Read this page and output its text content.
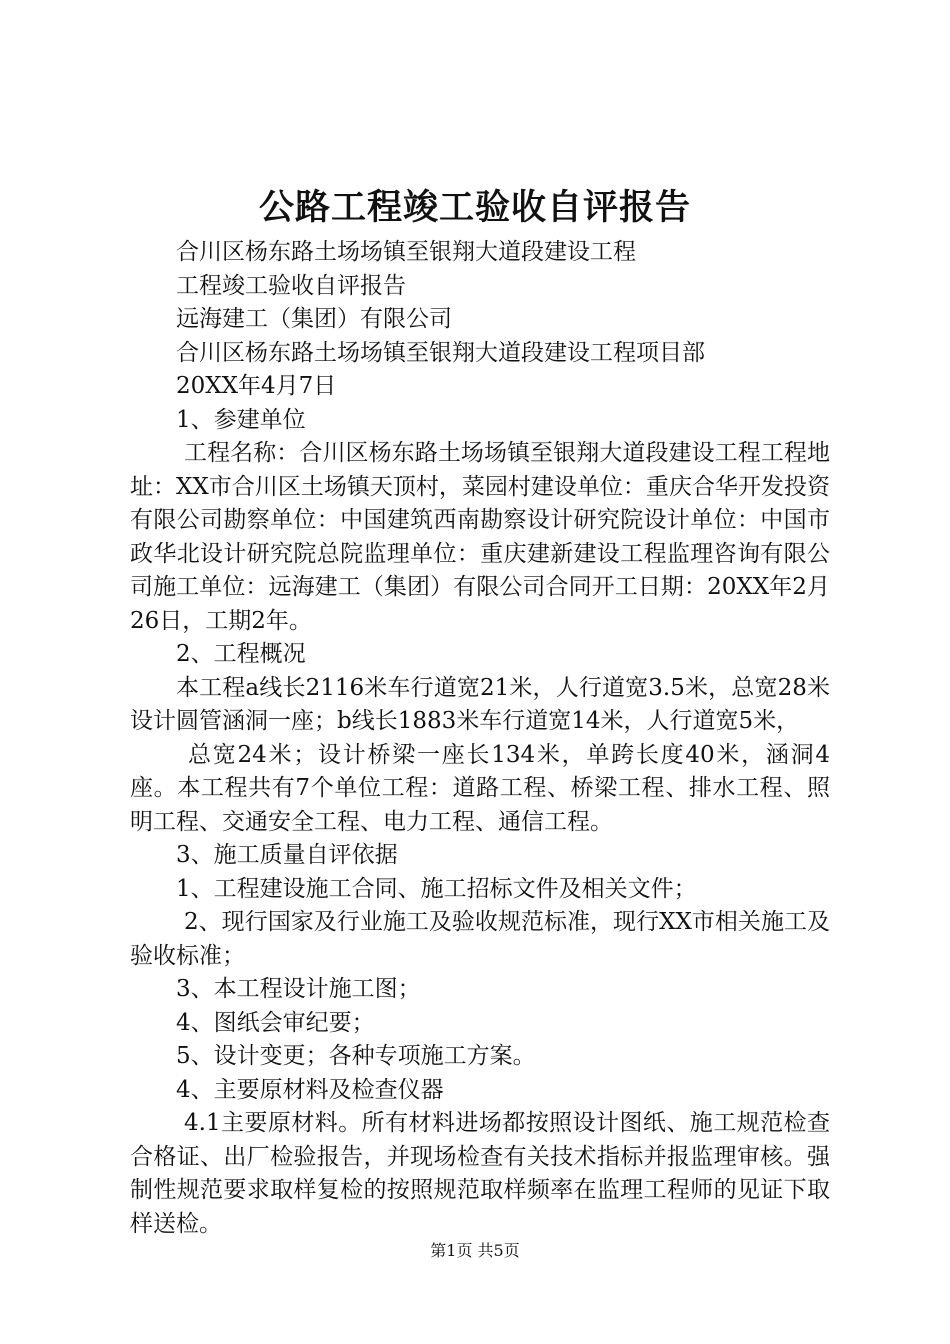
公路工程竣工验收自评报告

合川区杨东路土场场镇至银翔大道段建设工程

工程竣工验收自评报告

远海建工（集团）有限公司

合川区杨东路土场场镇至银翔大道段建设工程项目部

20XX年4月7日

1、参建单位

工程名称：合川区杨东路土场场镇至银翔大道段建设工程工程地址：XX市合川区土场镇天顶村，菜园村建设单位：重庆合华开发投资有限公司勘察单位：中国建筑西南勘察设计研究院设计单位：中国市政华北设计研究院总院监理单位：重庆建新建设工程监理咨询有限公司施工单位：远海建工（集团）有限公司合同开工日期：20XX年2月26日，工期2年。

2、工程概况

本工程a线长2116米车行道宽21米，人行道宽3.5米，总宽28米设计圆管涵洞一座；b线长1883米车行道宽14米，人行道宽5米，

总宽24米；设计桥梁一座长134米，单跨长度40米，涵洞4座。本工程共有7个单位工程：道路工程、桥梁工程、排水工程、照明工程、交通安全工程、电力工程、通信工程。

3、施工质量自评依据

1、工程建设施工合同、施工招标文件及相关文件；

2、现行国家及行业施工及验收规范标准，现行XX市相关施工及验收标准；

3、本工程设计施工图；

4、图纸会审纪要；

5、设计变更；各种专项施工方案。

4、主要原材料及检查仪器

4.1主要原材料。所有材料进场都按照设计图纸、施工规范检查合格证、出厂检验报告，并现场检查有关技术指标并报监理审核。强制性规范要求取样复检的按照规范取样频率在监理工程师的见证下取样送检。

第1页 共5页
